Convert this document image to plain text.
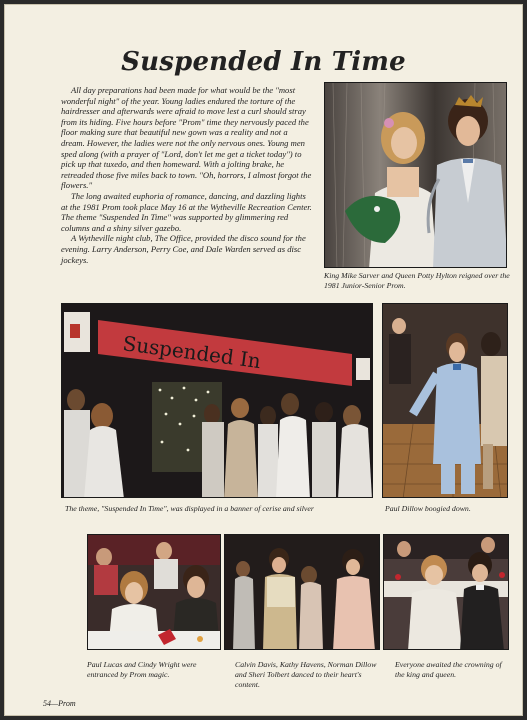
Suspended In Time

All day preparations had been made for what would be the "most wonderful night" of the year. Young ladies endured the torture of the hairdresser and afterwards were afraid to move lest a curl should stray from its hiding. Five hours before "Prom" time they nervously paced the floor making sure that beautiful new gown was a reality and not a dream. However, the ladies were not the only nervous ones. Young men sped along (with a prayer of "Lord, don't let me get a ticket today") to pick up that tuxedo, and then homeward. With a jolting brake, he retreaded those five miles back to town. "Oh, horrors, I almost forgot the flowers."

The long awaited euphoria of romance, dancing, and dazzling lights at the 1981 Prom took place May 16 at the Wytheville Recreation Center. The theme "Suspended In Time" was supported by glimmering red columns and a shiny silver gazebo.

A Wytheville night club, The Office, provided the disco sound for the evening. Larry Anderson, Perry Coe, and Dale Warden served as disc jockeys.

King Mike Sarver and Queen Potty Hylton reigned over the 1981 Junior-Senior Prom.
Suspended In
The theme, "Suspended In Time", was displayed in a banner of cerise and silver	Paul Dillow boogied down.
Paul Lucas and Cindy Wright were entranced by Prom magic.
Calvin Davis, Kathy Havens, Norman Dillow and Sheri Tolbert danced to their heart's content.
Everyone awaited the crowning of the king and queen.
54—Prom
